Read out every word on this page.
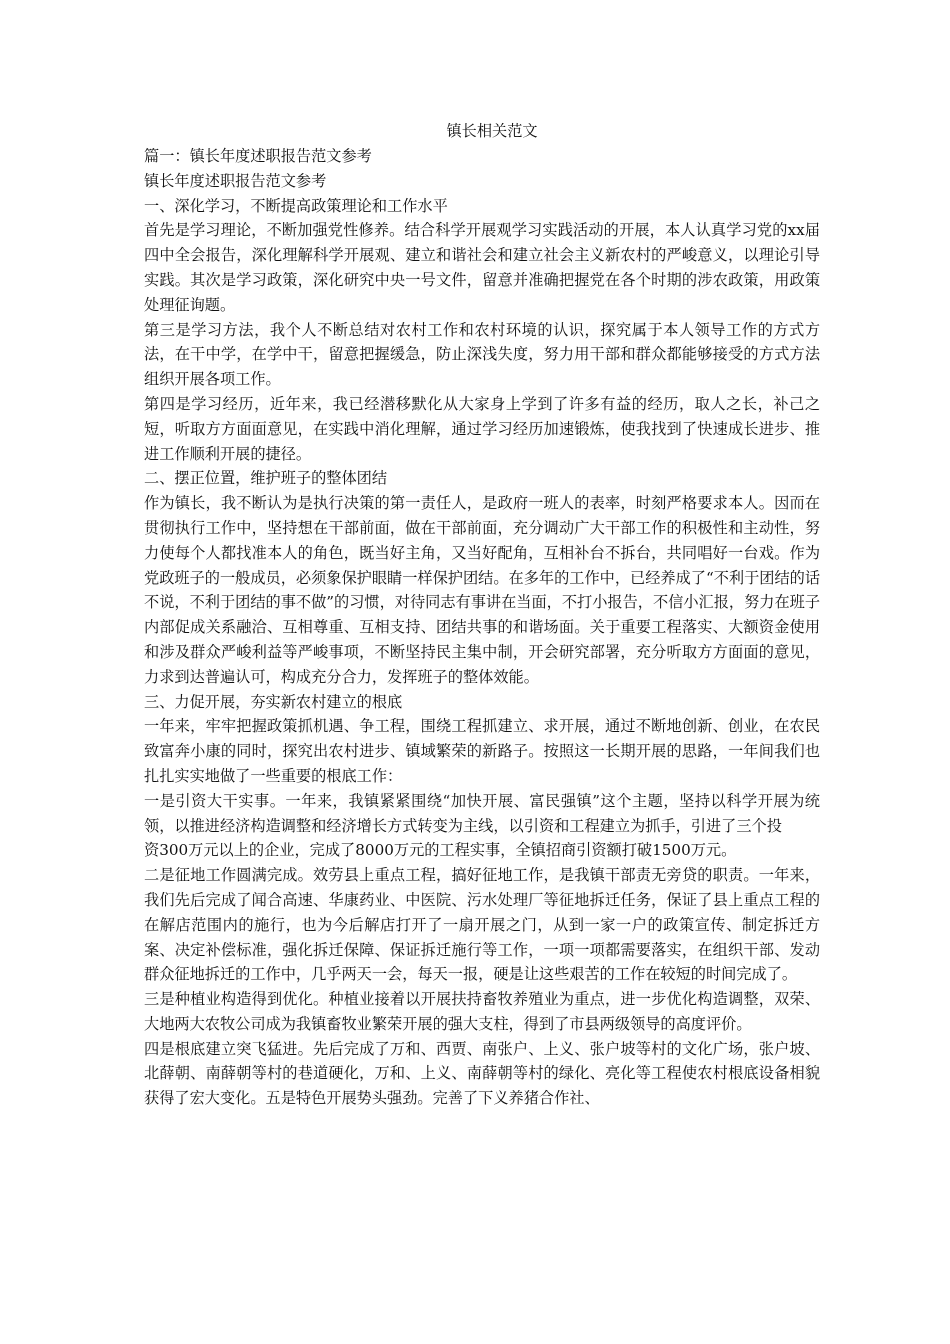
镇长相关范文

篇一：镇长年度述职报告范文参考

镇长年度述职报告范文参考

一、深化学习，不断提高政策理论和工作水平

首先是学习理论，不断加强党性修养。结合科学开展观学习实践活动的开展，本人认真学习党的xx届四中全会报告，深化理解科学开展观、建立和谐社会和建立社会主义新农村的严峻意义，以理论引导实践。其次是学习政策，深化研究中央一号文件，留意并准确把握党在各个时期的涉农政策，用政策处理征询题。

第三是学习方法，我个人不断总结对农村工作和农村环境的认识，探究属于本人领导工作的方式方法，在干中学，在学中干，留意把握缓急，防止深浅失度，努力用干部和群众都能够接受的方式方法组织开展各项工作。

第四是学习经历，近年来，我已经潜移默化从大家身上学到了许多有益的经历，取人之长，补己之短，听取方方面面意见，在实践中消化理解，通过学习经历加速锻炼，使我找到了快速成长进步、推进工作顺利开展的捷径。

二、摆正位置，维护班子的整体团结

作为镇长，我不断认为是执行决策的第一责任人，是政府一班人的表率，时刻严格要求本人。因而在贯彻执行工作中，坚持想在干部前面，做在干部前面，充分调动广大干部工作的积极性和主动性，努力使每个人都找准本人的角色，既当好主角，又当好配角，互相补台不拆台，共同唱好一台戏。作为党政班子的一般成员，必须象保护眼睛一样保护团结。在多年的工作中，已经养成了“不利于团结的话不说，不利于团结的事不做”的习惯，对待同志有事讲在当面，不打小报告，不信小汇报，努力在班子内部促成关系融洽、互相尊重、互相支持、团结共事的和谐场面。关于重要工程落实、大额资金使用和涉及群众严峻利益等严峻事项，不断坚持民主集中制，开会研究部署，充分听取方方面面的意见，力求到达普遍认可，构成充分合力，发挥班子的整体效能。

三、力促开展，夯实新农村建立的根底

一年来，牢牢把握政策抓机遇、争工程，围绕工程抓建立、求开展，通过不断地创新、创业，在农民致富奔小康的同时，探究出农村进步、镇域繁荣的新路子。按照这一长期开展的思路，一年间我们也扎扎实实地做了一些重要的根底工作：

一是引资大干实事。一年来，我镇紧紧围绕“加快开展、富民强镇”这个主题，坚持以科学开展为统领，以推进经济构造调整和经济增长方式转变为主线，以引资和工程建立为抓手，引进了三个投

资300万元以上的企业，完成了8000万元的工程实事，全镇招商引资额打破1500万元。

二是征地工作圆满完成。效劳县上重点工程，搞好征地工作，是我镇干部责无旁贷的职责。一年来，我们先后完成了闻合高速、华康药业、中医院、污水处理厂等征地拆迁任务，保证了县上重点工程的在解店范围内的施行，也为今后解店打开了一扇开展之门，从到一家一户的政策宣传、制定拆迁方案、决定补偿标准，强化拆迁保障、保证拆迁施行等工作，一项一项都需要落实，在组织干部、发动群众征地拆迁的工作中，几乎两天一会，每天一报，硬是让这些艰苦的工作在较短的时间完成了。

三是种植业构造得到优化。种植业接着以开展扶持畜牧养殖业为重点，进一步优化构造调整，双荣、大地两大农牧公司成为我镇畜牧业繁荣开展的强大支柱，得到了市县两级领导的高度评价。

四是根底建立突飞猛进。先后完成了万和、西贾、南张户、上义、张户坡等村的文化广场，张户坡、北薛朝、南薛朝等村的巷道硬化，万和、上义、南薛朝等村的绿化、亮化等工程使农村根底设备相貌获得了宏大变化。五是特色开展势头强劲。完善了下义养猪合作社、
